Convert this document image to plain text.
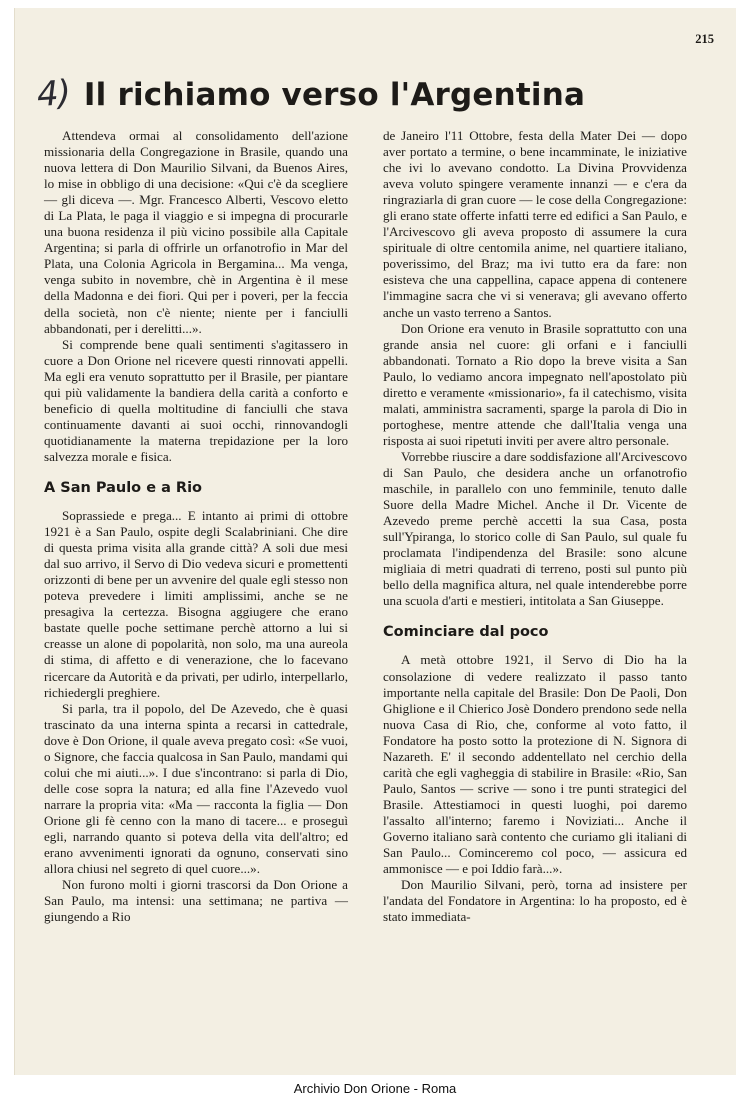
215
4) Il richiamo verso l'Argentina

Attendeva ormai al consolidamento dell'azione missionaria della Congregazione in Brasile, quando una nuova lettera di Don Maurilio Silvani, da Buenos Aires, lo mise in obbligo di una decisione: «Qui c'è da scegliere — gli diceva —. Mgr. Francesco Alberti, Vescovo eletto di La Plata, le paga il viaggio e si impegna di procurarle una buona residenza il più vicino possibile alla Capitale Argentina; si parla di offrirle un orfanotrofio in Mar del Plata, una Colonia Agricola in Bergamina... Ma venga, venga subito in novembre, chè in Argentina è il mese della Madonna e dei fiori. Qui per i poveri, per la feccia della società, non c'è niente; niente per i fanciulli abbandonati, per i derelitti...».

Si comprende bene quali sentimenti s'agitassero in cuore a Don Orione nel ricevere questi rinnovati appelli. Ma egli era venuto soprattutto per il Brasile, per piantare qui più validamente la bandiera della carità a conforto e beneficio di quella moltitudine di fanciulli che stava continuamente davanti ai suoi occhi, rinnovandogli quotidianamente la materna trepidazione per la loro salvezza morale e fisica.

A San Paulo e a Rio

Soprassiede e prega... E intanto ai primi di ottobre 1921 è a San Paulo, ospite degli Scalabriniani. Che dire di questa prima visita alla grande città? A soli due mesi dal suo arrivo, il Servo di Dio vedeva sicuri e promettenti orizzonti di bene per un avvenire del quale egli stesso non poteva prevedere i limiti amplissimi, anche se ne presagiva la certezza. Bisogna aggiugere che erano bastate quelle poche settimane perchè attorno a lui si creasse un alone di popolarità, non solo, ma una aureola di stima, di affetto e di venerazione, che lo facevano ricercare da Autorità e da privati, per udirlo, interpellarlo, richiedergli preghiere.

Si parla, tra il popolo, del De Azevedo, che è quasi trascinato da una interna spinta a recarsi in cattedrale, dove è Don Orione, il quale aveva pregato così: «Se vuoi, o Signore, che faccia qualcosa in San Paulo, mandami qui colui che mi aiuti...». I due s'incontrano: si parla di Dio, delle cose sopra la natura; ed alla fine l'Azevedo vuol narrare la propria vita: «Ma — racconta la figlia — Don Orione gli fè cenno con la mano di tacere... e proseguì egli, narrando quanto si poteva della vita dell'altro; ed erano avvenimenti ignorati da ognuno, conservati sino allora chiusi nel segreto di quel cuore...».

Non furono molti i giorni trascorsi da Don Orione a San Paulo, ma intensi: una settimana; ne partiva — giungendo a Rio

de Janeiro l'11 Ottobre, festa della Mater Dei — dopo aver portato a termine, o bene incamminate, le iniziative che ivi lo avevano condotto. La Divina Provvidenza aveva voluto spingere veramente innanzi — e c'era da ringraziarla di gran cuore — le cose della Congregazione: gli erano state offerte infatti terre ed edifici a San Paulo, e l'Arcivescovo gli aveva proposto di assumere la cura spirituale di oltre centomila anime, nel quartiere italiano, poverissimo, del Braz; ma ivi tutto era da fare: non esisteva che una cappellina, capace appena di contenere l'immagine sacra che vi si venerava; gli avevano offerto anche un vasto terreno a Santos.

Don Orione era venuto in Brasile soprattutto con una grande ansia nel cuore: gli orfani e i fanciulli abbandonati. Tornato a Rio dopo la breve visita a San Paulo, lo vediamo ancora impegnato nell'apostolato più diretto e veramente «missionario», fa il catechismo, visita malati, amministra sacramenti, sparge la parola di Dio in portoghese, mentre attende che dall'Italia venga una risposta ai suoi ripetuti inviti per avere altro personale.

Vorrebbe riuscire a dare soddisfazione all'Arcivescovo di San Paulo, che desidera anche un orfanotrofio maschile, in parallelo con uno femminile, tenuto dalle Suore della Madre Michel. Anche il Dr. Vicente de Azevedo preme perchè accetti la sua Casa, posta sull'Ypiranga, lo storico colle di San Paulo, sul quale fu proclamata l'indipendenza del Brasile: sono alcune migliaia di metri quadrati di terreno, posti sul punto più bello della magnifica altura, nel quale intenderebbe porre una scuola d'arti e mestieri, intitolata a San Giuseppe.

Cominciare dal poco

A metà ottobre 1921, il Servo di Dio ha la consolazione di vedere realizzato il passo tanto importante nella capitale del Brasile: Don De Paoli, Don Ghiglione e il Chierico Josè Dondero prendono sede nella nuova Casa di Rio, che, conforme al voto fatto, il Fondatore ha posto sotto la protezione di N. Signora di Nazareth. E' il secondo addentellato nel cerchio della carità che egli vagheggia di stabilire in Brasile: «Rio, San Paulo, Santos — scrive — sono i tre punti strategici del Brasile. Attestiamoci in questi luoghi, poi daremo l'assalto all'interno; faremo i Noviziati... Anche il Governo italiano sarà contento che curiamo gli italiani di San Paulo... Cominceremo col poco, — assicura ed ammonisce — e poi Iddio farà...».

Don Maurilio Silvani, però, torna ad insistere per l'andata del Fondatore in Argentina: lo ha proposto, ed è stato immediata-

Archivio Don Orione - Roma
